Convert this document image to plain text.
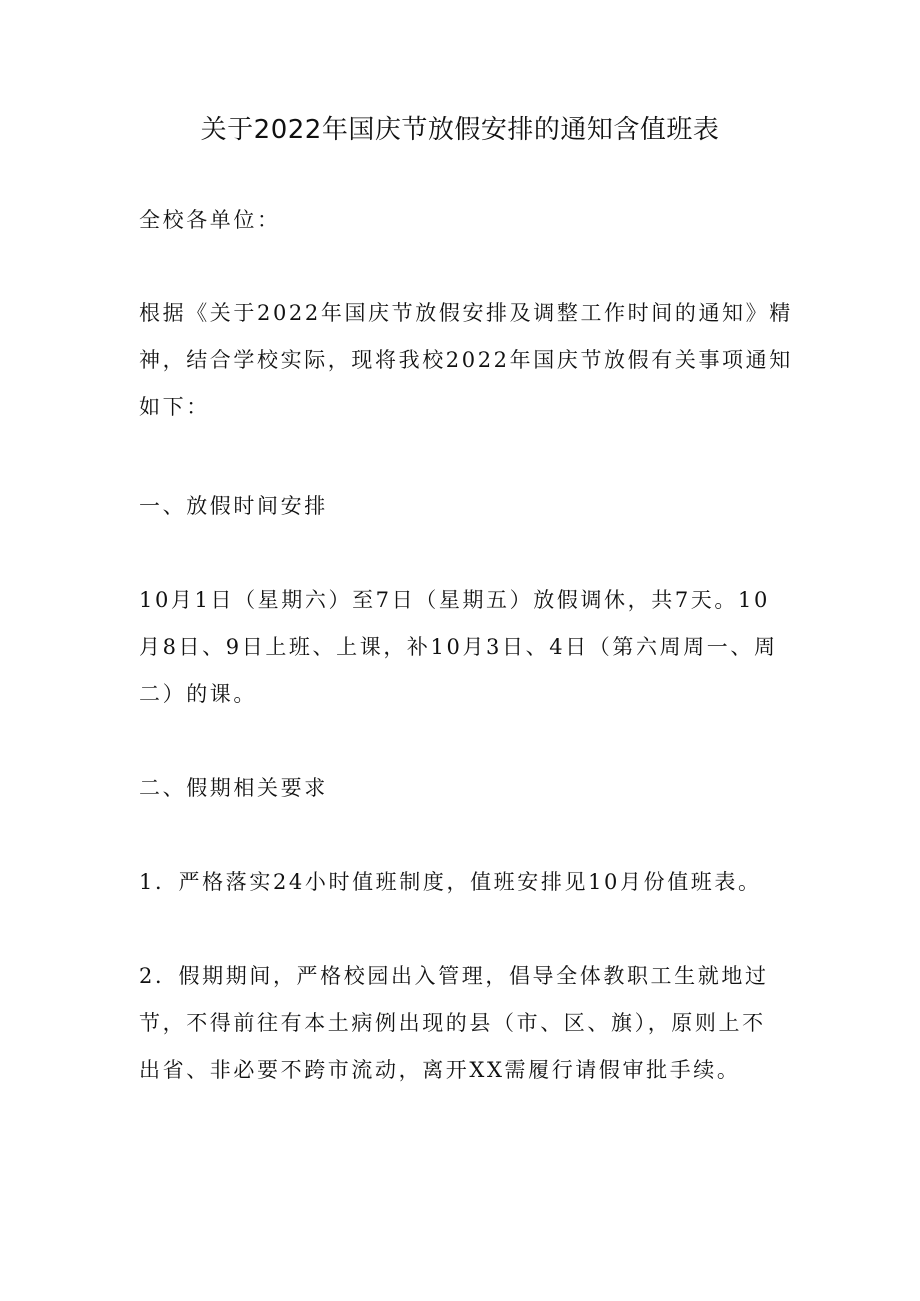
关于2022年国庆节放假安排的通知含值班表

全校各单位：

根据《关于2022年国庆节放假安排及调整工作时间的通知》精
神，结合学校实际，现将我校2022年国庆节放假有关事项通知
如下：

一、放假时间安排

10月1日（星期六）至7日（星期五）放假调休，共7天。10
月8日、9日上班、上课，补10月3日、4日（第六周周一、周
二）的课。

二、假期相关要求

1．严格落实24小时值班制度，值班安排见10月份值班表。

2．假期期间，严格校园出入管理，倡导全体教职工生就地过
节，不得前往有本土病例出现的县（市、区、旗），原则上不
出省、非必要不跨市流动，离开XX需履行请假审批手续。
